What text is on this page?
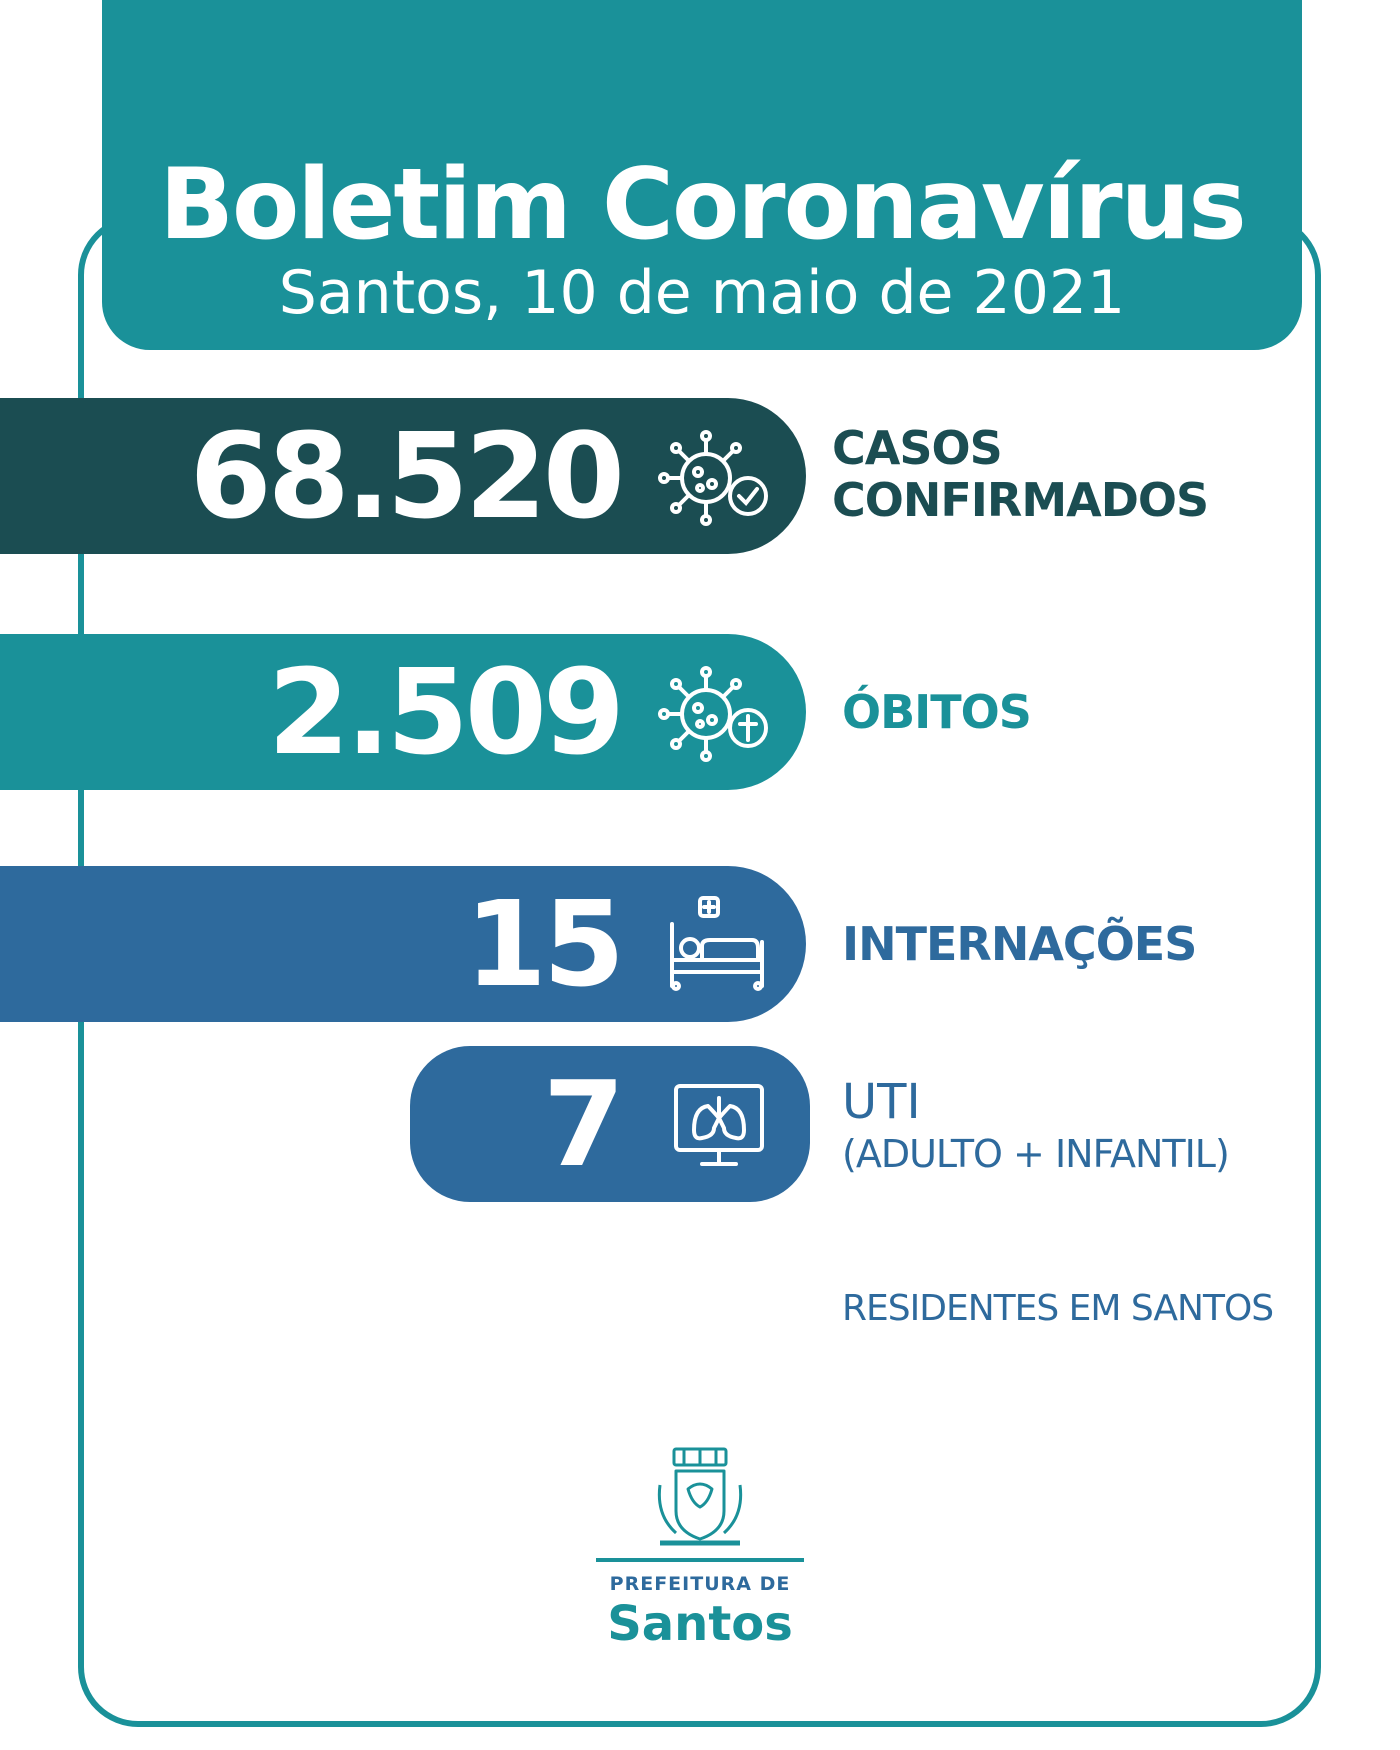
Boletim Coronavírus
Santos, 10 de maio de 2021
68.520	CASOS
CONFIRMADOS
2.509	ÓBITOS
15	INTERNAÇÕES
7	UTI
(ADULTO + INFANTIL)
RESIDENTES EM SANTOS
PREFEITURA DE
Santos
